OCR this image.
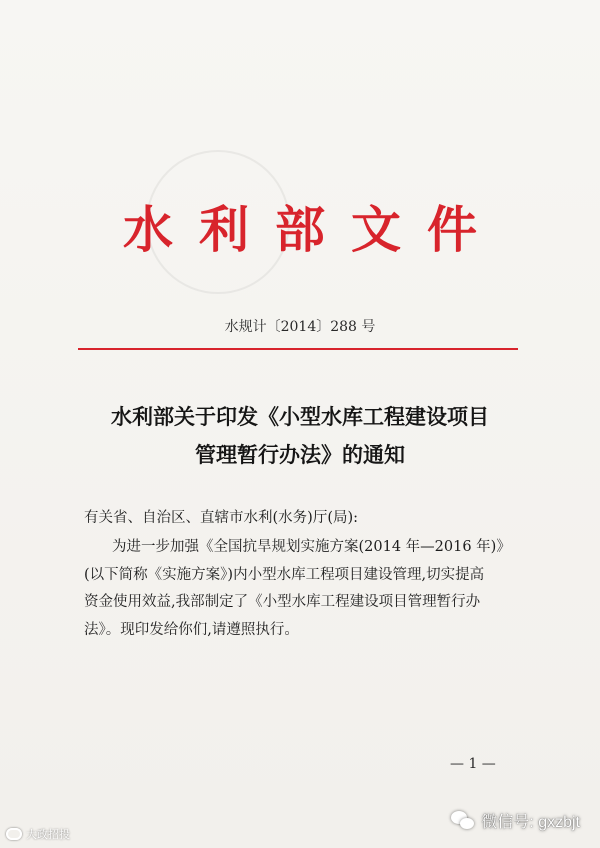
水利部文件
水规计〔2014〕288 号
水利部关于印发《小型水库工程建设项目
管理暂行办法》的通知
有关省、自治区、直辖市水利(水务)厅(局):
为进一步加强《全国抗旱规划实施方案(2014 年—2016 年)》
(以下简称《实施方案》)内小型水库工程项目建设管理,切实提高
资金使用效益,我部制定了《小型水库工程建设项目管理暂行办
法》。现印发给你们,请遵照执行。
— 1 —
大政招投
微信号: gxzbjt
